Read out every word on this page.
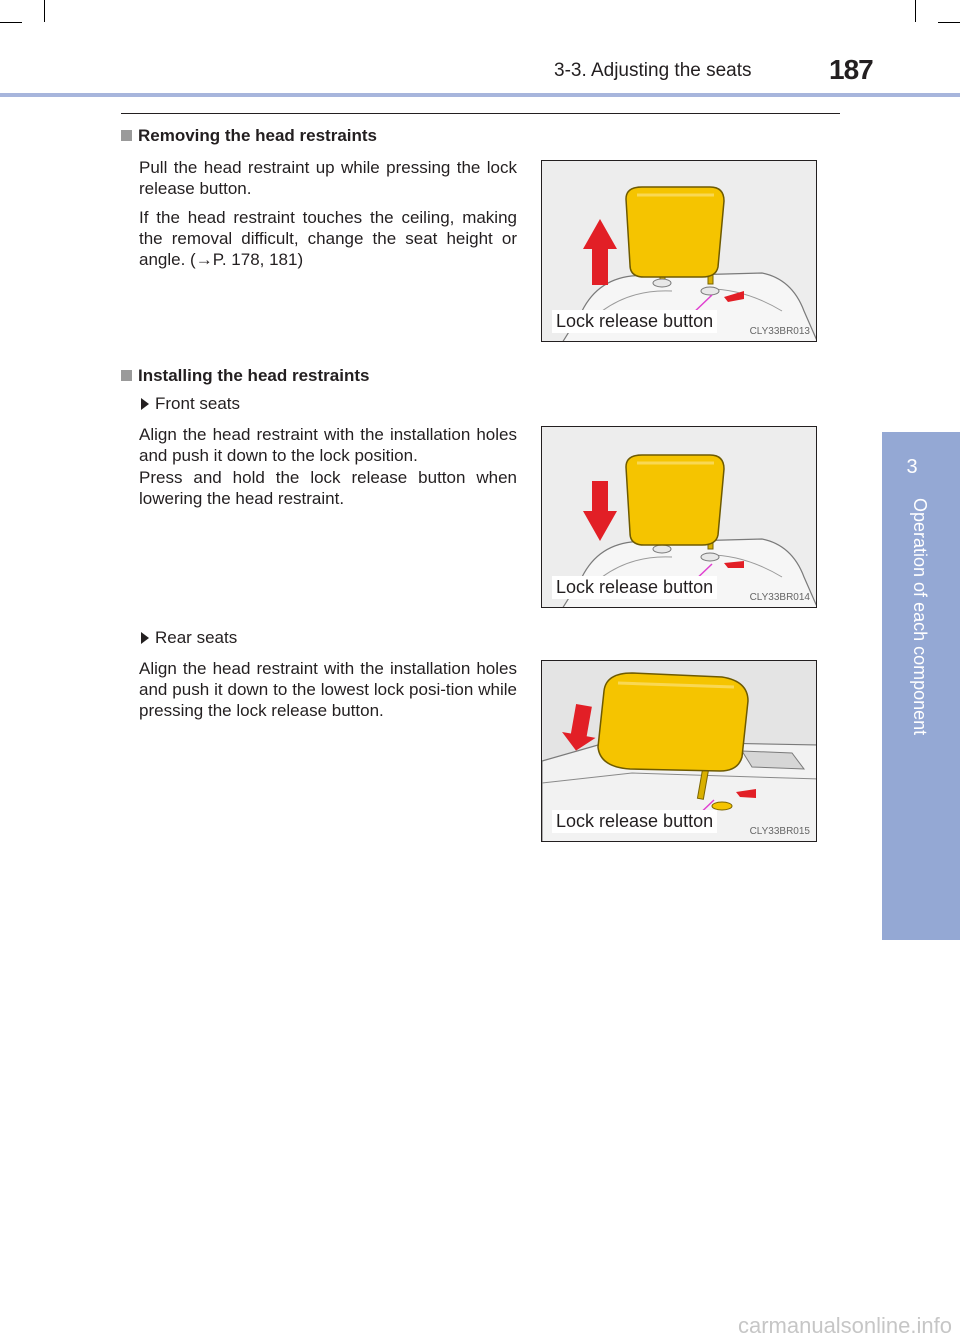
3-3. Adjusting the seats	187
3
Operation of each component
Removing the head restraints
Pull the head restraint up while pressing the lock release button.
If the head restraint touches the ceiling, making the removal difficult, change the seat height or angle. (→P. 178, 181)
Lock release button
CLY33BR013
Installing the head restraints
Front seats
Align the head restraint with the installation holes and push it down to the lock position.
Press and hold the lock release button when lowering the head restraint.
Lock release button
CLY33BR014
Rear seats
Align the head restraint with the installation holes and push it down to the lowest lock posi-tion while pressing the lock release button.
Lock release button
CLY33BR015
carmanualsonline.info
